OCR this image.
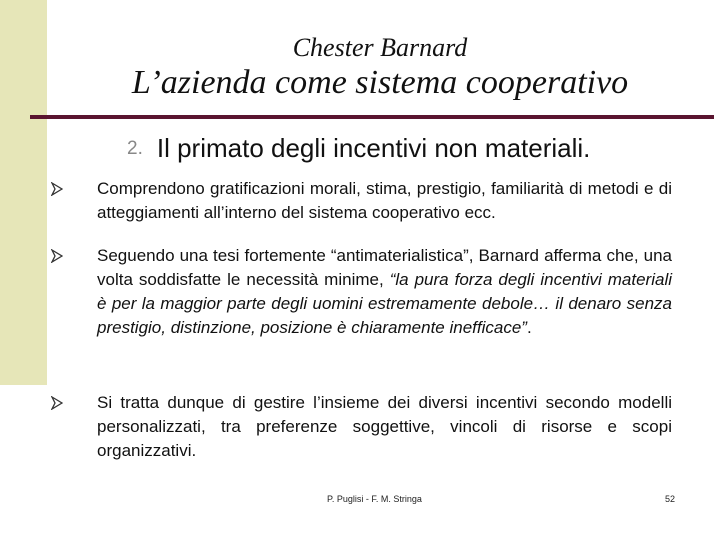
Chester Barnard
L’azienda come sistema cooperativo
2. Il primato degli incentivi non materiali.
Comprendono gratificazioni morali, stima, prestigio, familiarità di metodi e di atteggiamenti all’interno del sistema cooperativo ecc.
Seguendo una tesi fortemente “antimaterialistica”, Barnard afferma che, una volta soddisfatte le necessità minime, “la pura forza degli incentivi materiali è per la maggior parte degli uomini estremamente debole… il denaro senza prestigio, distinzione, posizione è chiaramente inefficace”.
Si tratta dunque di gestire l’insieme dei diversi incentivi secondo modelli personalizzati, tra preferenze soggettive, vincoli di risorse e scopi organizzativi.
P. Puglisi - F. M. Stringa	52
